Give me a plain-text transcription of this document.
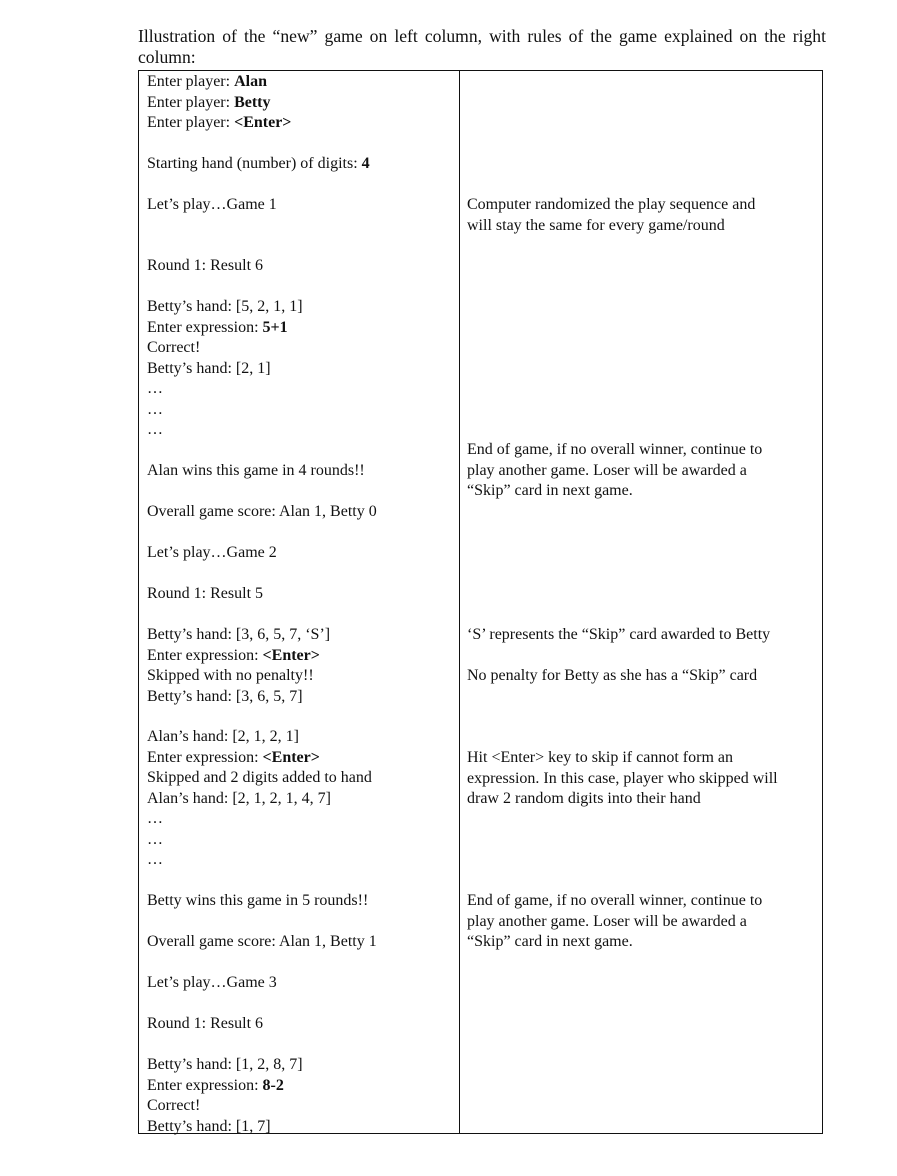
Illustration of the “new” game on left column, with rules of the game explained on the right column:
Enter player: Alan
Enter player: Betty
Enter player: <Enter>
Starting hand (number) of digits: 4
Let’s play…Game 1
Round 1: Result 6
Betty’s hand: [5, 2, 1, 1]
Enter expression: 5+1
Correct!
Betty’s hand: [2, 1]
…
…
…
Alan wins this game in 4 rounds!!
Overall game score: Alan 1, Betty 0
Let’s play…Game 2
Round 1: Result 5
Betty’s hand: [3, 6, 5, 7, ‘S’]
Enter expression: <Enter>
Skipped with no penalty!!
Betty’s hand: [3, 6, 5, 7]
Alan’s hand: [2, 1, 2, 1]
Enter expression: <Enter>
Skipped and 2 digits added to hand
Alan’s hand: [2, 1, 2, 1, 4, 7]
…
…
…
Betty wins this game in 5 rounds!!
Overall game score: Alan 1, Betty 1
Let’s play…Game 3
Round 1: Result 6
Betty’s hand: [1, 2, 8, 7]
Enter expression: 8-2
Correct!
Betty’s hand: [1, 7]
Computer randomized the play sequence and
will stay the same for every game/round
End of game, if no overall winner, continue to
play another game. Loser will be awarded a
“Skip” card in next game.
‘S’ represents the “Skip” card awarded to Betty
No penalty for Betty as she has a “Skip” card
Hit <Enter> key to skip if cannot form an
expression. In this case, player who skipped will
draw 2 random digits into their hand
End of game, if no overall winner, continue to
play another game. Loser will be awarded a
“Skip” card in next game.
